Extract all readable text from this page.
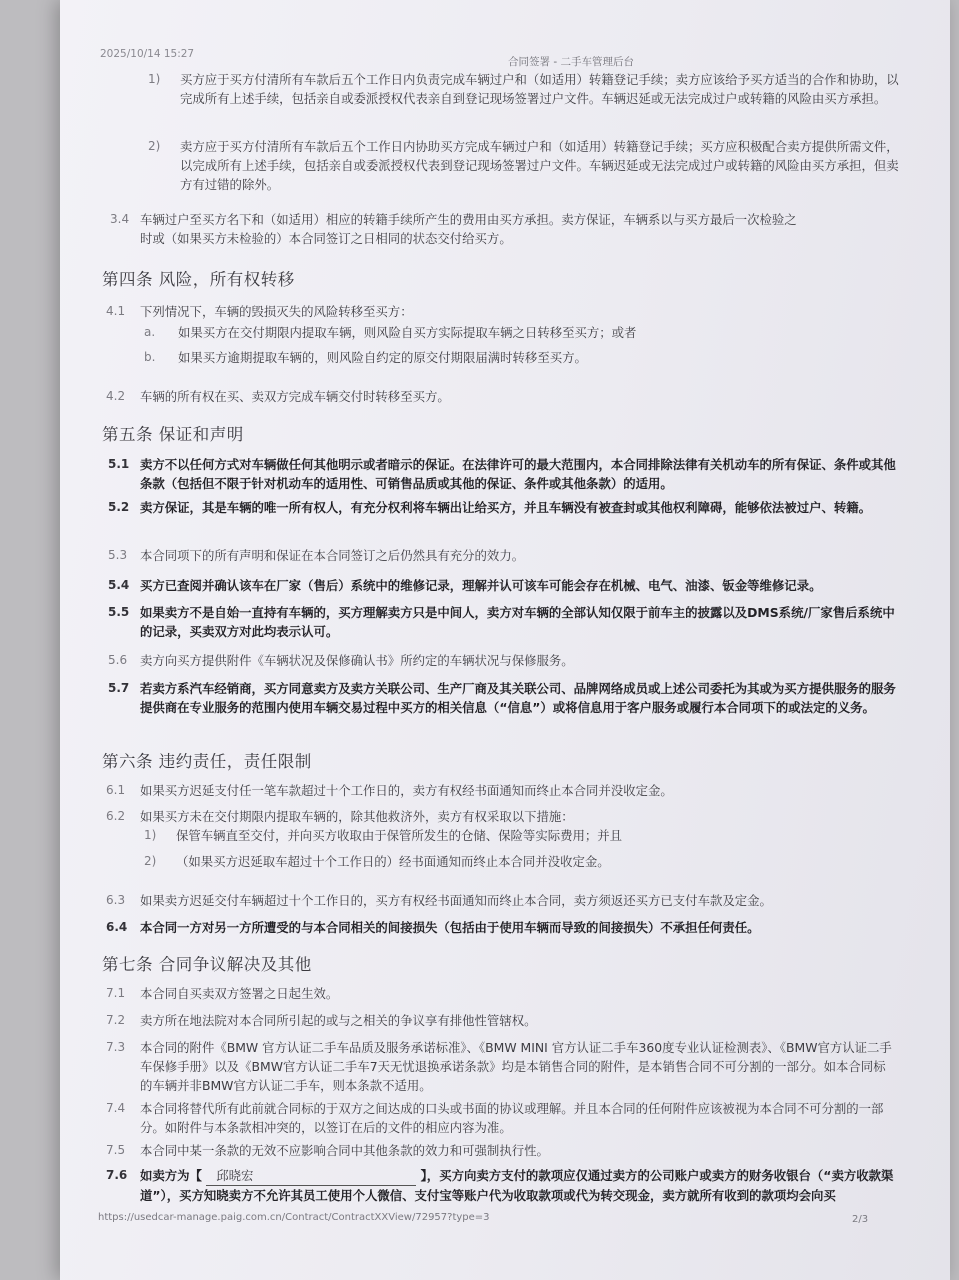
2025/10/14 15:27
合同签署 - 二手车管理后台
1) 买方应于买方付清所有车款后五个工作日内负责完成车辆过户和（如适用）转籍登记手续；卖方应该给予买方适当的合作和协助，以完成所有上述手续，包括亲自或委派授权代表亲自到登记现场签署过户文件。车辆迟延或无法完成过户或转籍的风险由买方承担。
2) 卖方应于买方付清所有车款后五个工作日内协助买方完成车辆过户和（如适用）转籍登记手续；买方应积极配合卖方提供所需文件，以完成所有上述手续，包括亲自或委派授权代表到登记现场签署过户文件。车辆迟延或无法完成过户或转籍的风险由买方承担，但卖方有过错的除外。
3.4 车辆过户至买方名下和（如适用）相应的转籍手续所产生的费用由买方承担。卖方保证，车辆系以与买方最后一次检验之时或（如果买方未检验的）本合同签订之日相同的状态交付给买方。
第四条 风险，所有权转移
4.1 下列情况下，车辆的毁损灭失的风险转移至买方：
a. 如果买方在交付期限内提取车辆，则风险自买方实际提取车辆之日转移至买方；或者
b. 如果买方逾期提取车辆的，则风险自约定的原交付期限届满时转移至买方。
4.2 车辆的所有权在买、卖双方完成车辆交付时转移至买方。
第五条 保证和声明
5.1 卖方不以任何方式对车辆做任何其他明示或者暗示的保证。在法律许可的最大范围内，本合同排除法律有关机动车的所有保证、条件或其他条款（包括但不限于针对机动车的适用性、可销售品质或其他的保证、条件或其他条款）的适用。
5.2 卖方保证，其是车辆的唯一所有权人，有充分权利将车辆出让给买方，并且车辆没有被查封或其他权利障碍，能够依法被过户、转籍。
5.3 本合同项下的所有声明和保证在本合同签订之后仍然具有充分的效力。
5.4 买方已查阅并确认该车在厂家（售后）系统中的维修记录，理解并认可该车可能会存在机械、电气、油漆、钣金等维修记录。
5.5 如果卖方不是自始一直持有车辆的，买方理解卖方只是中间人，卖方对车辆的全部认知仅限于前车主的披露以及DMS系统/厂家售后系统中的记录，买卖双方对此均表示认可。
5.6 卖方向买方提供附件《车辆状况及保修确认书》所约定的车辆状况与保修服务。
5.7 若卖方系汽车经销商，买方同意卖方及卖方关联公司、生产厂商及其关联公司、品牌网络成员或上述公司委托为其或为买方提供服务的服务提供商在专业服务的范围内使用车辆交易过程中买方的相关信息（“信息”）或将信息用于客户服务或履行本合同项下的或法定的义务。
第六条 违约责任，责任限制
6.1 如果买方迟延支付任一笔车款超过十个工作日的，卖方有权经书面通知而终止本合同并没收定金。
6.2 如果买方未在交付期限内提取车辆的，除其他救济外，卖方有权采取以下措施：
1) 保管车辆直至交付，并向买方收取由于保管所发生的仓储、保险等实际费用；并且
2) （如果买方迟延取车超过十个工作日的）经书面通知而终止本合同并没收定金。
6.3 如果卖方迟延交付车辆超过十个工作日的，买方有权经书面通知而终止本合同，卖方须返还买方已支付车款及定金。
6.4 本合同一方对另一方所遭受的与本合同相关的间接损失（包括由于使用车辆而导致的间接损失）不承担任何责任。
第七条 合同争议解决及其他
7.1 本合同自买卖双方签署之日起生效。
7.2 卖方所在地法院对本合同所引起的或与之相关的争议享有排他性管辖权。
7.3 本合同的附件《BMW 官方认证二手车品质及服务承诺标准》、《BMW MINI 官方认证二手车360度专业认证检测表》、《BMW官方认证二手车保修手册》以及《BMW官方认证二手车7天无忧退换承诺条款》均是本销售合同的附件，是本销售合同不可分割的一部分。如本合同标的车辆并非BMW官方认证二手车，则本条款不适用。
7.4 本合同将替代所有此前就合同标的于双方之间达成的口头或书面的协议或理解。并且本合同的任何附件应该被视为本合同不可分割的一部分。如附件与本条款相冲突的，以签订在后的文件的相应内容为准。
7.5 本合同中某一条款的无效不应影响合同中其他条款的效力和可强制执行性。
7.6 如卖方为【 邱晓宏	】，买方向卖方支付的款项应仅通过卖方的公司账户或卖方的财务收银台（“卖方收款渠道”），买方知晓卖方不允许其员工使用个人微信、支付宝等账户代为收取款项或代为转交现金，卖方就所有收到的款项均会向买
https://usedcar-manage.paig.com.cn/Contract/ContractXXView/72957?type=3	2/3
